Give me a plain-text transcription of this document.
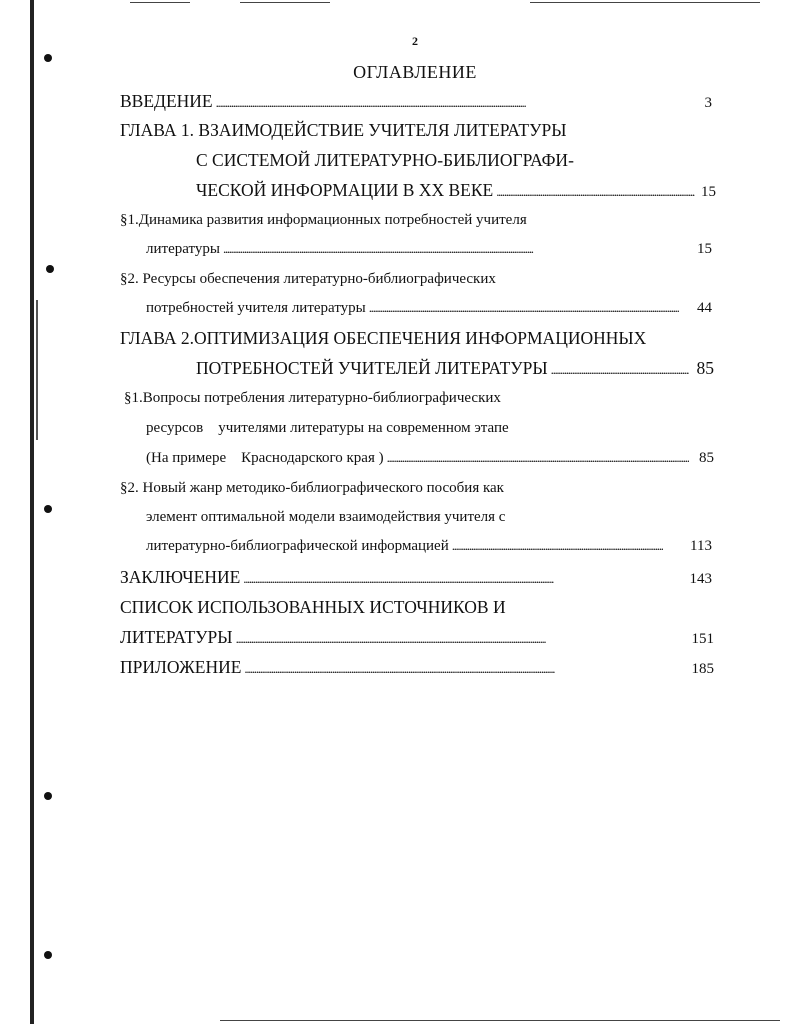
2
ОГЛАВЛЕНИЕ
ВВЕДЕНИЕ . . .	3
ГЛАВА 1. ВЗАИМОДЕЙСТВИЕ УЧИТЕЛЯ ЛИТЕРАТУРЫ
С СИСТЕМОЙ ЛИТЕРАТУРНО-БИБЛИОГРАФИ-
ЧЕСКОЙ ИНФОРМАЦИИ В XX ВЕКЕ . . .	15
§1.Динамика развития информационных потребностей учителя
литературы . . .	15
§2. Ресурсы обеспечения литературно-библиографических
потребностей учителя литературы . . .	44
ГЛАВА 2.ОПТИМИЗАЦИЯ ОБЕСПЕЧЕНИЯ ИНФОРМАЦИОННЫХ
ПОТРЕБНОСТЕЙ УЧИТЕЛЕЙ ЛИТЕРАТУРЫ . . .	85
§1.Вопросы потребления литературно-библиографических
ресурсов    учителями литературы на современном этапе
(На примере    Краснодарского края ) . . .	85
§2. Новый жанр методико-библиографического пособия как
элемент оптимальной модели взаимодействия учителя с
литературно-библиографической информацией . . .	113
ЗАКЛЮЧЕНИЕ . . .	143
СПИСОК ИСПОЛЬЗОВАННЫХ ИСТОЧНИКОВ И
ЛИТЕРАТУРЫ . . .	151
ПРИЛОЖЕНИЕ . . .	185
